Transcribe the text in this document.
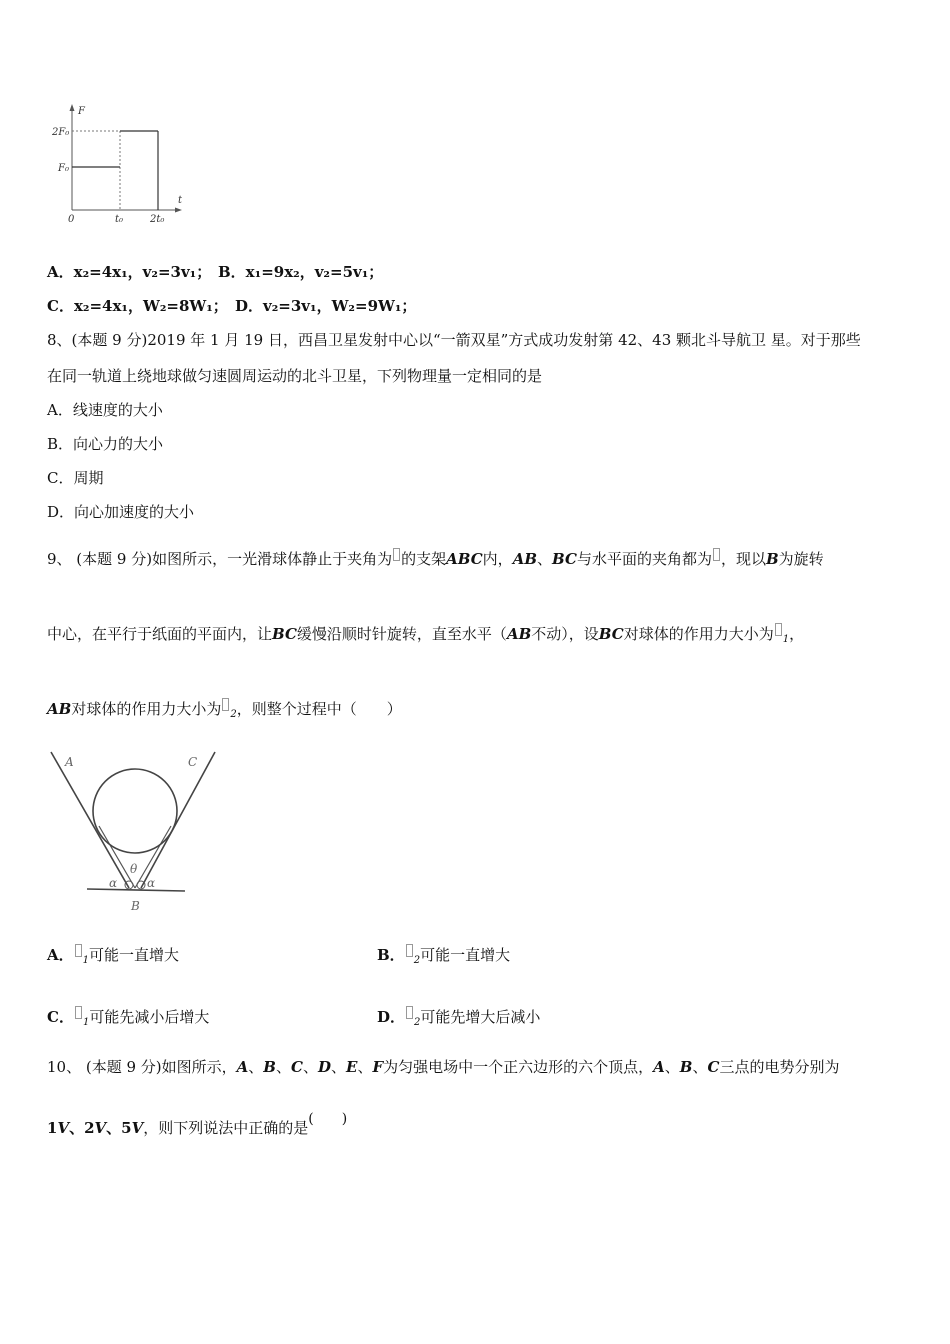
F
t
2F₀
F₀
0	t₀	2t₀
A．x₂=4x₁，v₂=3v₁； B．x₁=9x₂，v₂=5v₁；
C．x₂=4x₁，W₂=8W₁； D．v₂=3v₁，W₂=9W₁；
8、(本题 9 分)2019 年 1 月 19 日，西昌卫星发射中心以“一箭双星”方式成功发射第 42、43 颗北斗导航卫 星。对于那些
在同一轨道上绕地球做匀速圆周运动的北斗卫星，下列物理量一定相同的是
A．线速度的大小
B．向心力的大小
C．周期
D．向心加速度的大小
9、 (本题 9 分)如图所示，一光滑球体静止于夹角为 的支架ABC内，AB、BC与水平面的夹角都为 ，现以B为旋转
中心，在平行于纸面的平面内，让BC缓慢沿顺时针旋转，直至水平（AB不动），设BC对球体的作用力大小为 $_1$，
AB对球体的作用力大小为 $_2$，则整个过程中（　　）
A	C
θ
α α
B
A． $_1$可能一直增大	B． $_2$可能一直增大
C． $_1$可能先减小后增大	D． $_2$可能先增大后减小
10、 (本题 9 分)如图所示，A、B、C、D、E、F为匀强电场中一个正六边形的六个顶点，A、B、C三点的电势分别为
1V、2V、5V，则下列说法中正确的是(　　)
